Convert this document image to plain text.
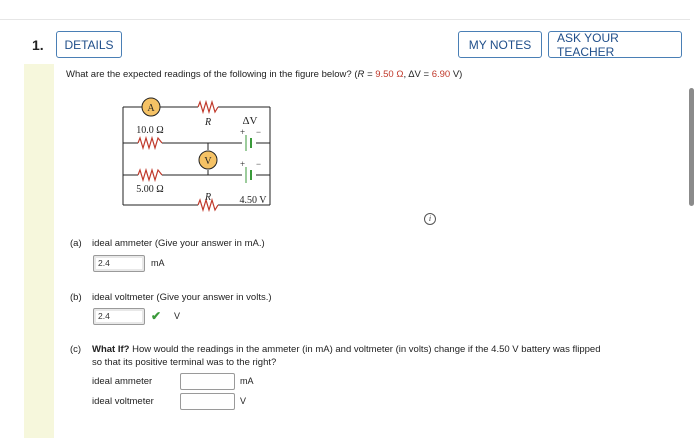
1.	DETAILS	MY NOTES	ASK YOUR TEACHER
What are the expected readings of the following in the figure below? (R = 9.50 Ω, ΔV = 6.90 V)
A
V
R
R
10.0 Ω
5.00 Ω
ΔV
4.50 V
+ −
+ −
i
(a) ideal ammeter (Give your answer in mA.)
2.4	mA
(b) ideal voltmeter (Give your answer in volts.)
2.4	✔ V
(c) What If? How would the readings in the ammeter (in mA) and voltmeter (in volts) change if the 4.50 V battery was flipped
so that its positive terminal was to the right?
ideal ammeter	mA
ideal voltmeter	V
